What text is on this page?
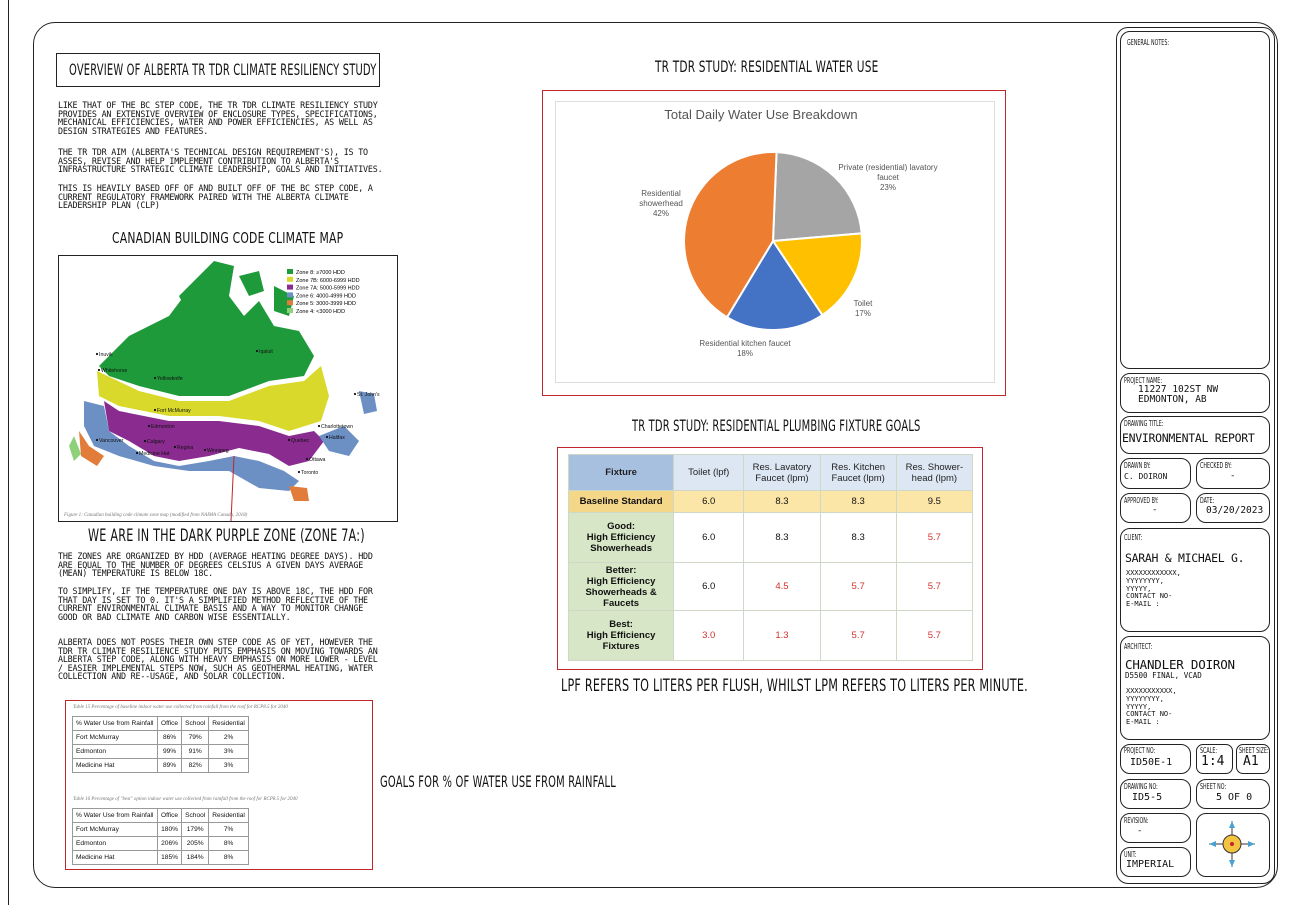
OVERVIEW OF ALBERTA TR TDR CLIMATE RESILIENCY STUDY
LIKE THAT OF THE BC STEP CODE, THE TR TDR CLIMATE RESILIENCY STUDY
PROVIDES AN EXTENSIVE OVERVIEW OF ENCLOSURE TYPES, SPECIFICATIONS,
MECHANICAL EFFICIENCIES, WATER AND POWER EFFICIENCIES, AS WELL AS
DESIGN STRATEGIES AND FEATURES.
THE TR TDR AIM (ALBERTA'S TECHNICAL DESIGN REQUIREMENT'S), IS TO
ASSES, REVISE AND HELP IMPLEMENT CONTRIBUTION TO ALBERTA'S
INFRASTRUCTURE STRATEGIC CLIMATE LEADERSHIP, GOALS AND INITIATIVES.
THIS IS HEAVILY BASED OFF OF AND BUILT OFF OF THE BC STEP CODE, A
CURRENT REGULATORY FRAMEWORK PAIRED WITH THE ALBERTA CLIMATE
LEADERSHIP PLAN (CLP)
CANADIAN BUILDING CODE CLIMATE MAP
Zone 8: ≥7000 HDD
Zone 7B: 6000-6999 HDD
Zone 7A: 5000-5999 HDD
Zone 6: 4000-4999 HDD
Zone 5: 3000-3999 HDD
Zone 4: <3000 HDD
Inuvik
Whitehorse
Yellowknife
Iqaluit
St. John's
Fort McMurray
Edmonton	Charlottetown
Halifax
Vancouver	Calgary
Regina
Medicine Hat	Winnipeg
Quebec
Ottawa
Toronto
Figure 1: Canadian building code climate zone map (modified from NAIMA Canada, 2018)
WE ARE IN THE DARK PURPLE ZONE (ZONE 7A:)
THE ZONES ARE ORGANIZED BY HDD (AVERAGE HEATING DEGREE DAYS). HDD
ARE EQUAL TO THE NUMBER OF DEGREES CELSIUS A GIVEN DAYS AVERAGE
(MEAN) TEMPERATURE IS BELOW 18C.
TO SIMPLIFY, IF THE TEMPERATURE ONE DAY IS ABOVE 18C, THE HDD FOR
THAT DAY IS SET TO 0. IT'S A SIMPLIFIED METHOD REFLECTIVE OF THE
CURRENT ENVIRONMENTAL CLIMATE BASIS AND A WAY TO MONITOR CHANGE
GOOD OR BAD CLIMATE AND CARBON WISE ESSENTIALLY.
ALBERTA DOES NOT POSES THEIR OWN STEP CODE AS OF YET, HOWEVER THE
TDR TR CLIMATE RESILIENCE STUDY PUTS EMPHASIS ON MOVING TOWARDS AN
ALBERTA STEP CODE, ALONG WITH HEAVY EMPHASIS ON MORE LOWER - LEVEL
/ EASIER IMPLEMENTAL STEPS NOW, SUCH AS GEOTHERMAL HEATING, WATER
COLLECTION AND RE--USAGE, AND SOLAR COLLECTION.
Table 15 Percentage of baseline indoor water use collected from rainfall from the roof for RCP8.5 for 2040
% Water Use from Rainfall	Office	School	Residential
Fort McMurray	86%	79%	2%
Edmonton	99%	91%	3%
Medicine Hat	89%	82%	3%
Table 16 Percentage of "best" option indoor water use collected from rainfall from the roof for RCP8.5 for 2040
% Water Use from Rainfall	Office	School	Residential
Fort McMurray	180%	179%	7%
Edmonton	206%	205%	8%
Medicine Hat	185%	184%	8%
GOALS FOR % OF WATER USE FROM RAINFALL
TR TDR STUDY: RESIDENTIAL WATER USE
Total Daily Water Use Breakdown
Private (residential) lavatory faucet
23%
Toilet
17%
Residential kitchen faucet
18%
Residential showerhead
42%
TR TDR STUDY: RESIDENTIAL PLUMBING FIXTURE GOALS
Fixture	Toilet (lpf)	Res. Lavatory Faucet (lpm)	Res. Kitchen Faucet (lpm)	Res. Shower-head (lpm)
Baseline Standard	6.0	8.3	8.3	9.5
Good:
High Efficiency
Showerheads	6.0	8.3	8.3	5.7
Better:
High Efficiency
Showerheads & Faucets	6.0	4.5	5.7	5.7
Best:
High Efficiency Fixtures	3.0	1.3	5.7	5.7
LPF REFERS TO LITERS PER FLUSH, WHILST LPM REFERS TO LITERS PER MINUTE.
GENERAL NOTES:
PROJECT NAME:
11227 102ST NW
EDMONTON, AB
DRAWING TITLE:
ENVIRONMENTAL REPORT
DRAWN BY:
C. DOIRON
CHECKED BY:
-
APPROVED BY:
-
DATE:
03/20/2023
CLIENT:
SARAH & MICHAEL G.
XXXXXXXXXXXX,
YYYYYYYY,
YYYYY,
CONTACT NO-
E-MAIL :
ARCHITECT:
CHANDLER DOIRON
D5500 FINAL, VCAD
XXXXXXXXXXX,
YYYYYYYY,
YYYYY,
CONTACT NO-
E-MAIL :
PROJECT NO:
ID50E-1
SCALE:
1:4
SHEET SIZE:
A1
DRAWING NO:
ID5-5
SHEET NO:
5 OF 0
REVISION:
-
UNIT:
IMPERIAL
